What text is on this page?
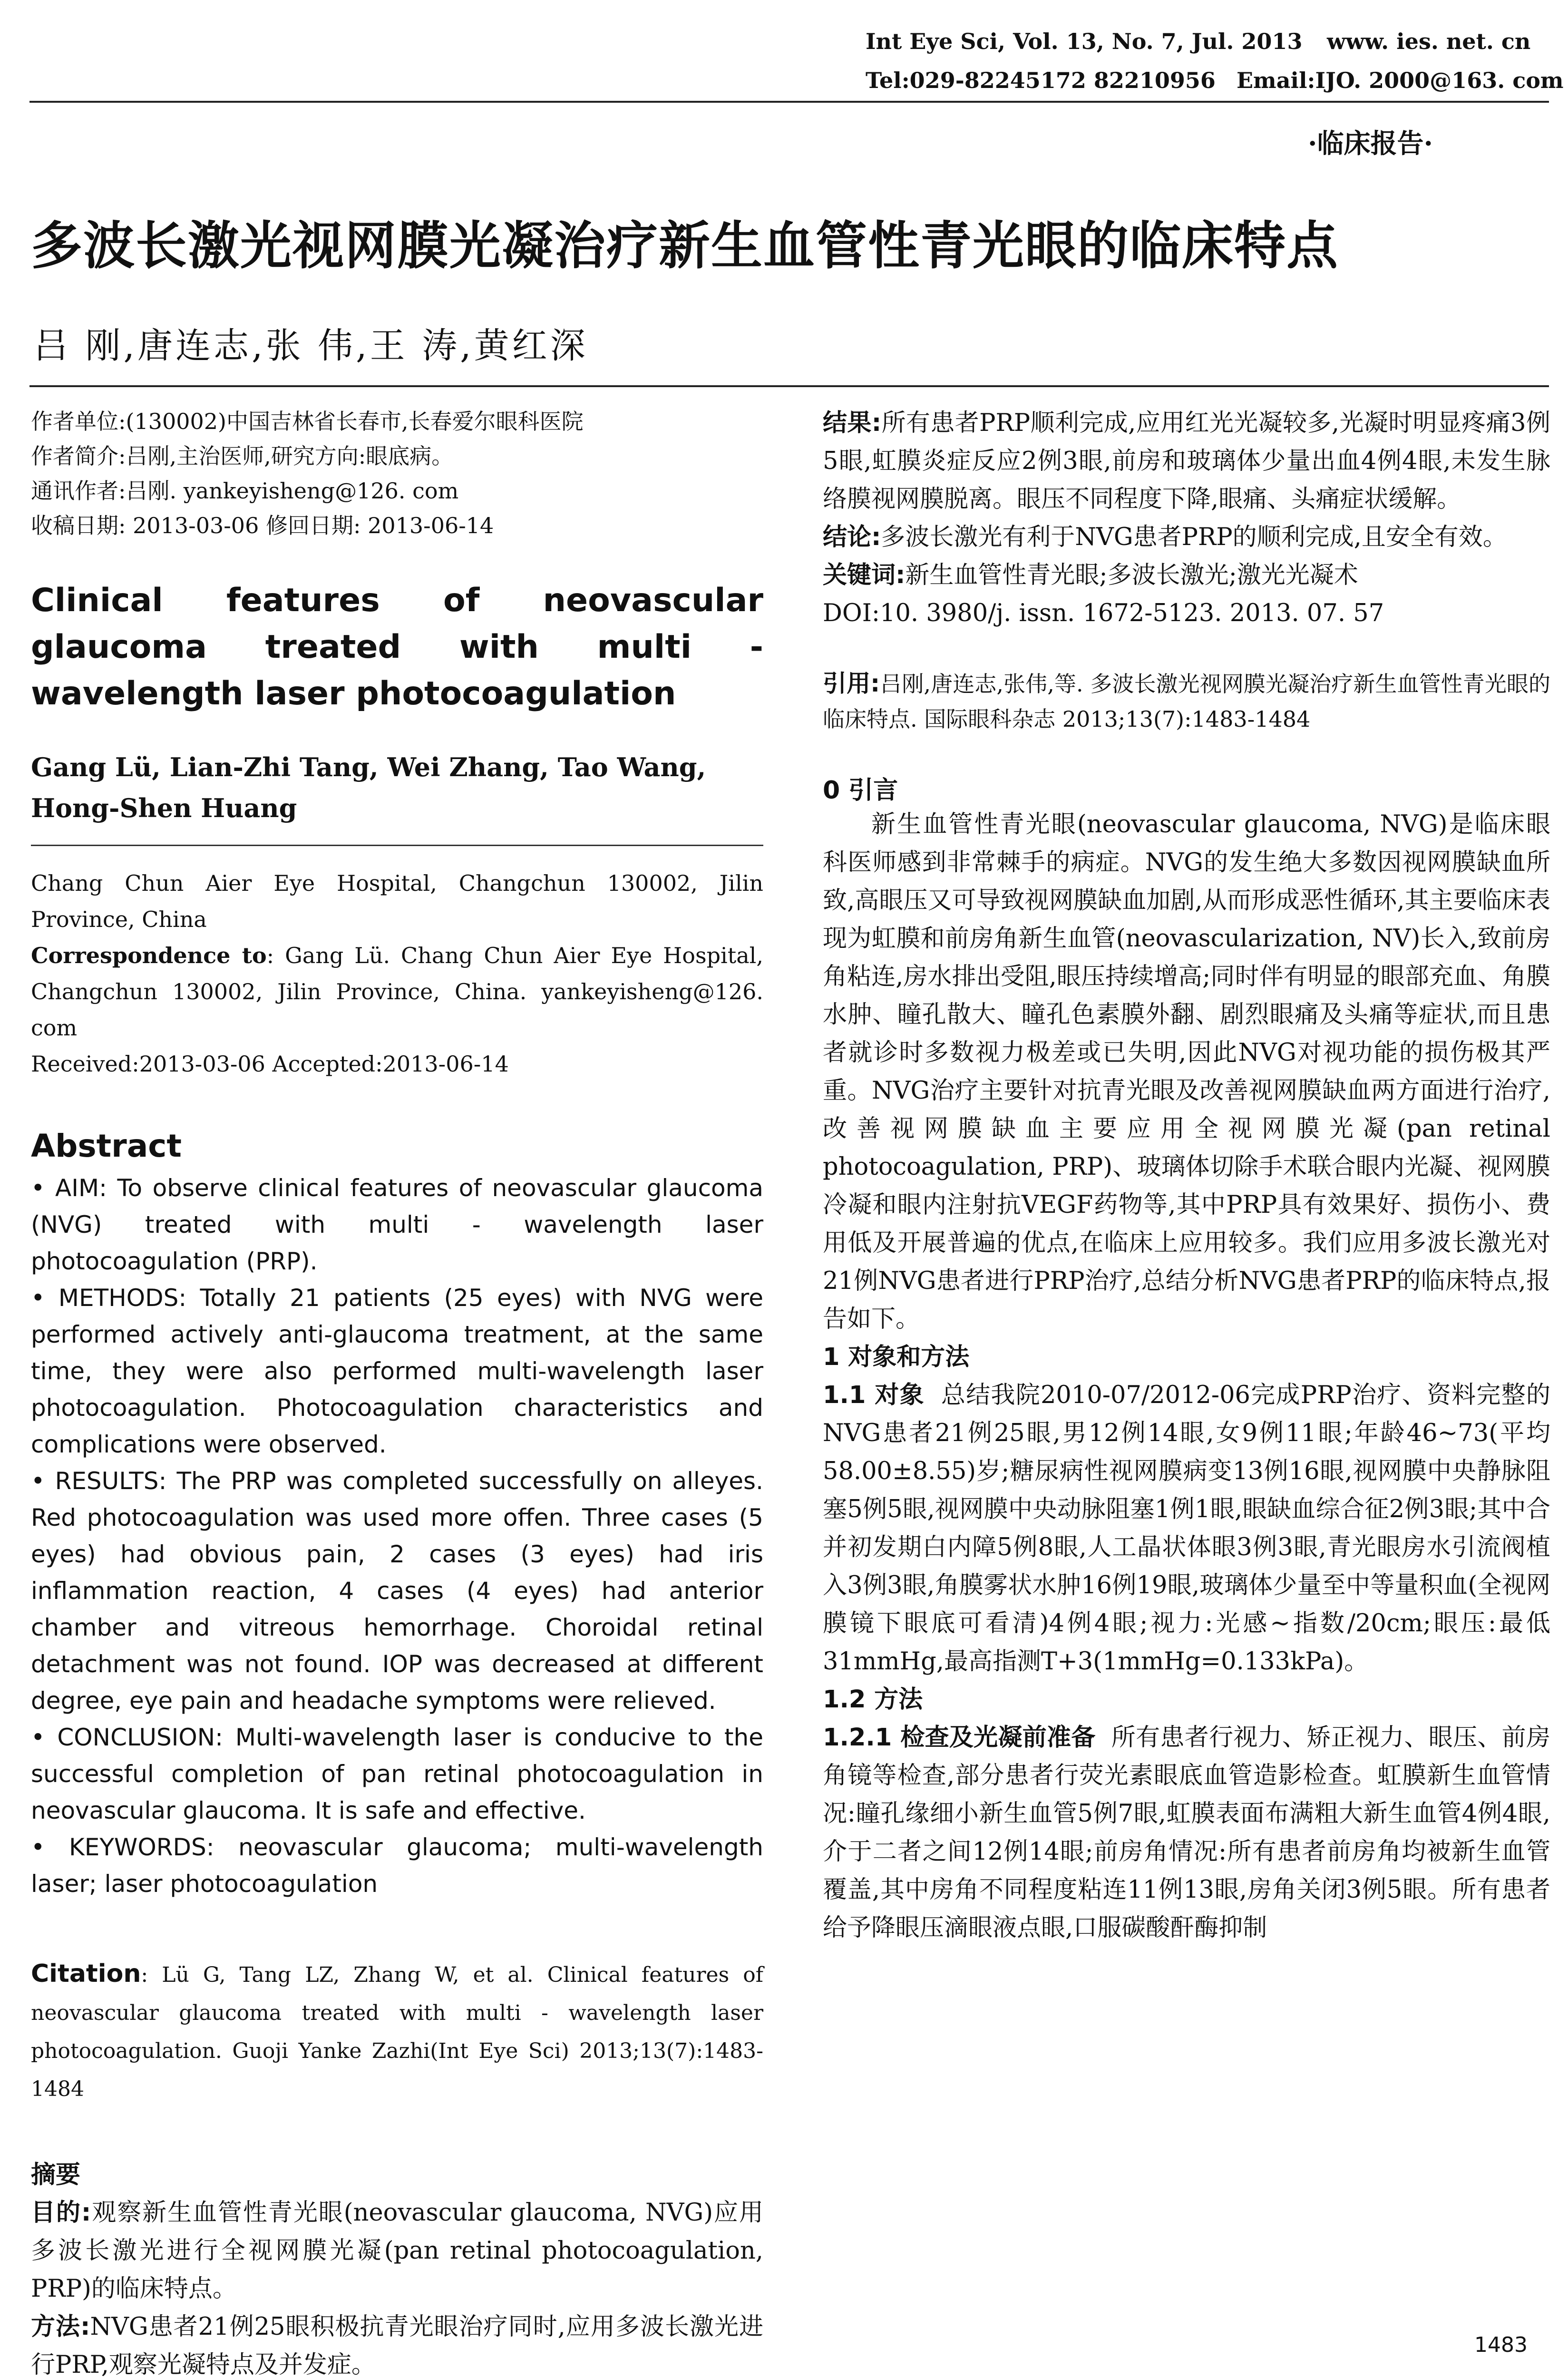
Int Eye Sci, Vol. 13, No. 7, Jul. 2013 www. ies. net. cn
Tel:029-82245172 82210956 Email:IJO. 2000@163. com
·临床报告·
多波长激光视网膜光凝治疗新生血管性青光眼的临床特点
吕 刚,唐连志,张 伟,王 涛,黄红深

作者单位:(130002)中国吉林省长春市,长春爱尔眼科医院

作者简介:吕刚,主治医师,研究方向:眼底病。

通讯作者:吕刚. yankeyisheng@126. com

收稿日期: 2013-03-06 修回日期: 2013-06-14

Clinical features of neovascular glaucoma treated with multi - wavelength laser photocoagulation
Gang Lü, Lian-Zhi Tang, Wei Zhang, Tao Wang, Hong-Shen Huang

Chang Chun Aier Eye Hospital, Changchun 130002, Jilin Province, China

Correspondence to: Gang Lü. Chang Chun Aier Eye Hospital, Changchun 130002, Jilin Province, China. yankeyisheng@126. com

Received:2013-03-06 Accepted:2013-06-14

Abstract

• AIM: To observe clinical features of neovascular glaucoma (NVG) treated with multi - wavelength laser photocoagulation (PRP).

• METHODS: Totally 21 patients (25 eyes) with NVG were performed actively anti-glaucoma treatment, at the same time, they were also performed multi-wavelength laser photocoagulation. Photocoagulation characteristics and complications were observed.

• RESULTS: The PRP was completed successfully on alleyes. Red photocoagulation was used more offen. Three cases (5 eyes) had obvious pain, 2 cases (3 eyes) had iris inflammation reaction, 4 cases (4 eyes) had anterior chamber and vitreous hemorrhage. Choroidal retinal detachment was not found. IOP was decreased at different degree, eye pain and headache symptoms were relieved.

• CONCLUSION: Multi-wavelength laser is conducive to the successful completion of pan retinal photocoagulation in neovascular glaucoma. It is safe and effective.

• KEYWORDS: neovascular glaucoma; multi-wavelength laser; laser photocoagulation

Citation: Lü G, Tang LZ, Zhang W, et al. Clinical features of neovascular glaucoma treated with multi - wavelength laser photocoagulation. Guoji Yanke Zazhi(Int Eye Sci) 2013;13(7):1483-1484

摘要

目的:观察新生血管性青光眼(neovascular glaucoma, NVG)应用多波长激光进行全视网膜光凝(pan retinal photocoagulation, PRP)的临床特点。

方法:NVG患者21例25眼积极抗青光眼治疗同时,应用多波长激光进行PRP,观察光凝特点及并发症。

结果:所有患者PRP顺利完成,应用红光光凝较多,光凝时明显疼痛3例5眼,虹膜炎症反应2例3眼,前房和玻璃体少量出血4例4眼,未发生脉络膜视网膜脱离。眼压不同程度下降,眼痛、头痛症状缓解。

结论:多波长激光有利于NVG患者PRP的顺利完成,且安全有效。

关键词:新生血管性青光眼;多波长激光;激光光凝术

DOI:10. 3980/j. issn. 1672-5123. 2013. 07. 57

引用:吕刚,唐连志,张伟,等. 多波长激光视网膜光凝治疗新生血管性青光眼的临床特点. 国际眼科杂志 2013;13(7):1483-1484
0 引言

新生血管性青光眼(neovascular glaucoma, NVG)是临床眼科医师感到非常棘手的病症。NVG的发生绝大多数因视网膜缺血所致,高眼压又可导致视网膜缺血加剧,从而形成恶性循环,其主要临床表现为虹膜和前房角新生血管(neovascularization, NV)长入,致前房角粘连,房水排出受阻,眼压持续增高;同时伴有明显的眼部充血、角膜水肿、瞳孔散大、瞳孔色素膜外翻、剧烈眼痛及头痛等症状,而且患者就诊时多数视力极差或已失明,因此NVG对视功能的损伤极其严重。NVG治疗主要针对抗青光眼及改善视网膜缺血两方面进行治疗,改善视网膜缺血主要应用全视网膜光凝(pan retinal photocoagulation, PRP)、玻璃体切除手术联合眼内光凝、视网膜冷凝和眼内注射抗VEGF药物等,其中PRP具有效果好、损伤小、费用低及开展普遍的优点,在临床上应用较多。我们应用多波长激光对21例NVG患者进行PRP治疗,总结分析NVG患者PRP的临床特点,报告如下。

1 对象和方法

1.1 对象 总结我院2010-07/2012-06完成PRP治疗、资料完整的NVG患者21例25眼,男12例14眼,女9例11眼;年龄46~73(平均58.00±8.55)岁;糖尿病性视网膜病变13例16眼,视网膜中央静脉阻塞5例5眼,视网膜中央动脉阻塞1例1眼,眼缺血综合征2例3眼;其中合并初发期白内障5例8眼,人工晶状体眼3例3眼,青光眼房水引流阀植入3例3眼,角膜雾状水肿16例19眼,玻璃体少量至中等量积血(全视网膜镜下眼底可看清)4例4眼;视力:光感~指数/20cm;眼压:最低31mmHg,最高指测T+3(1mmHg=0.133kPa)。

1.2 方法

1.2.1 检查及光凝前准备 所有患者行视力、矫正视力、眼压、前房角镜等检查,部分患者行荧光素眼底血管造影检查。虹膜新生血管情况:瞳孔缘细小新生血管5例7眼,虹膜表面布满粗大新生血管4例4眼,介于二者之间12例14眼;前房角情况:所有患者前房角均被新生血管覆盖,其中房角不同程度粘连11例13眼,房角关闭3例5眼。所有患者给予降眼压滴眼液点眼,口服碳酸酐酶抑制

1483
